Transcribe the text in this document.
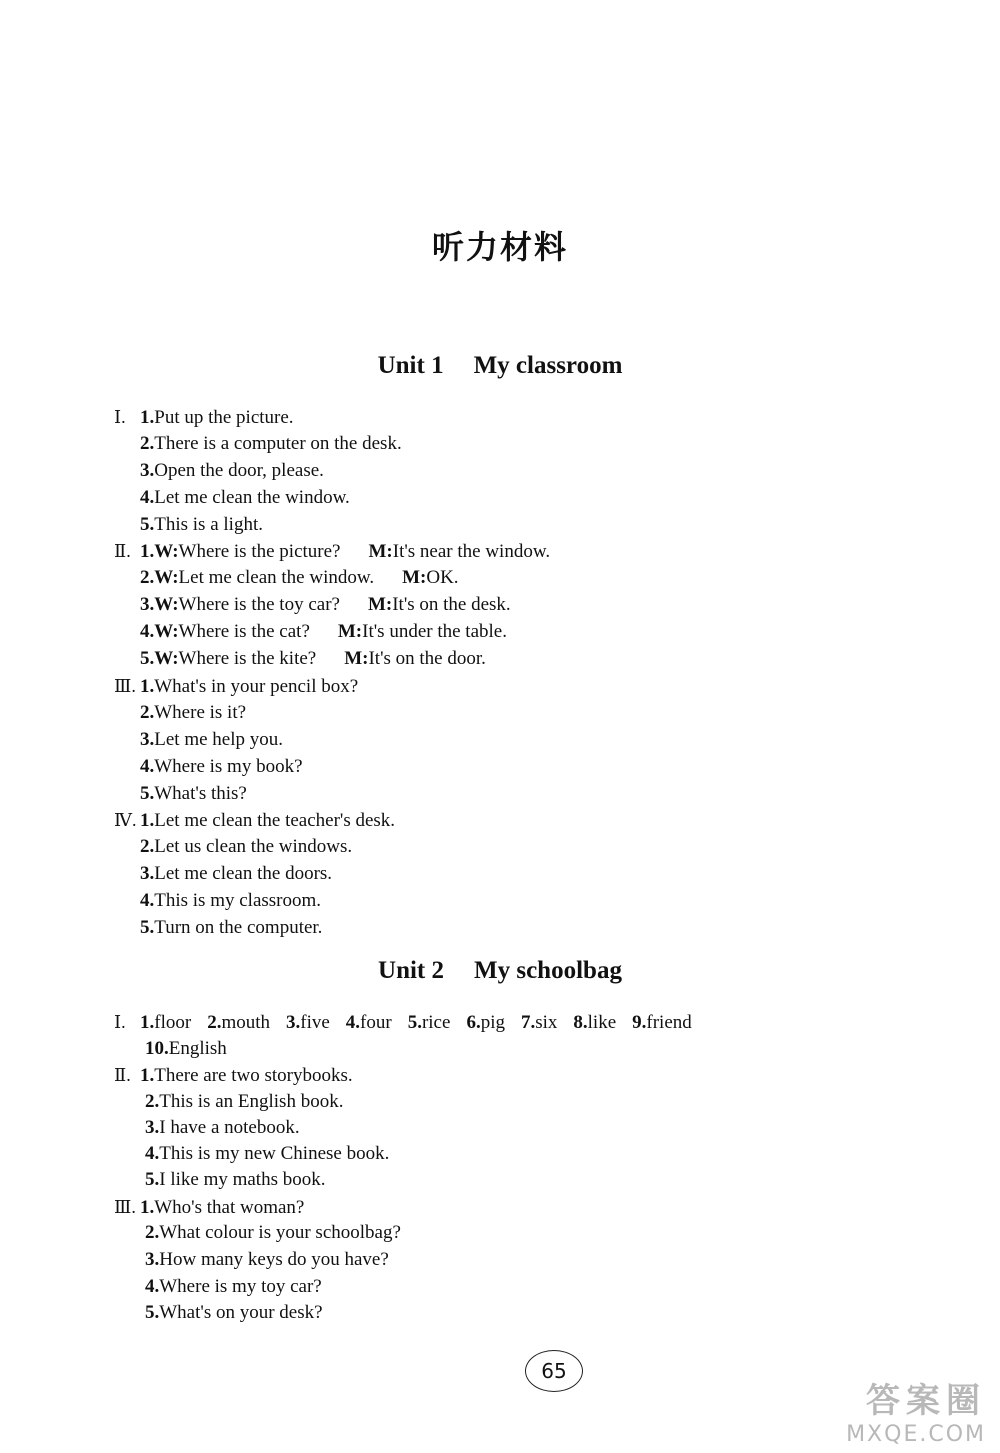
听力材料
Unit 1 My classroom
Ⅰ. 1.Put up the picture.
2.There is a computer on the desk.
3.Open the door, please.
4.Let me clean the window.
5.This is a light.
Ⅱ. 1.W:Where is the picture? M:It's near the window.
2.W:Let me clean the window. M:OK.
3.W:Where is the toy car? M:It's on the desk.
4.W:Where is the cat? M:It's under the table.
5.W:Where is the kite? M:It's on the door.
Ⅲ. 1.What's in your pencil box?
2.Where is it?
3.Let me help you.
4.Where is my book?
5.What's this?
Ⅳ. 1.Let me clean the teacher's desk.
2.Let us clean the windows.
3.Let me clean the doors.
4.This is my classroom.
5.Turn on the computer.
Unit 2 My schoolbag
Ⅰ. 1.floor 2.mouth 3.five 4.four 5.rice 6.pig 7.six 8.like 9.friend
10.English
Ⅱ. 1.There are two storybooks.
2.This is an English book.
3.I have a notebook.
4.This is my new Chinese book.
5.I like my maths book.
Ⅲ. 1.Who's that woman?
2.What colour is your schoolbag?
3.How many keys do you have?
4.Where is my toy car?
5.What's on your desk?
65
答案圈
MXQE.COM
